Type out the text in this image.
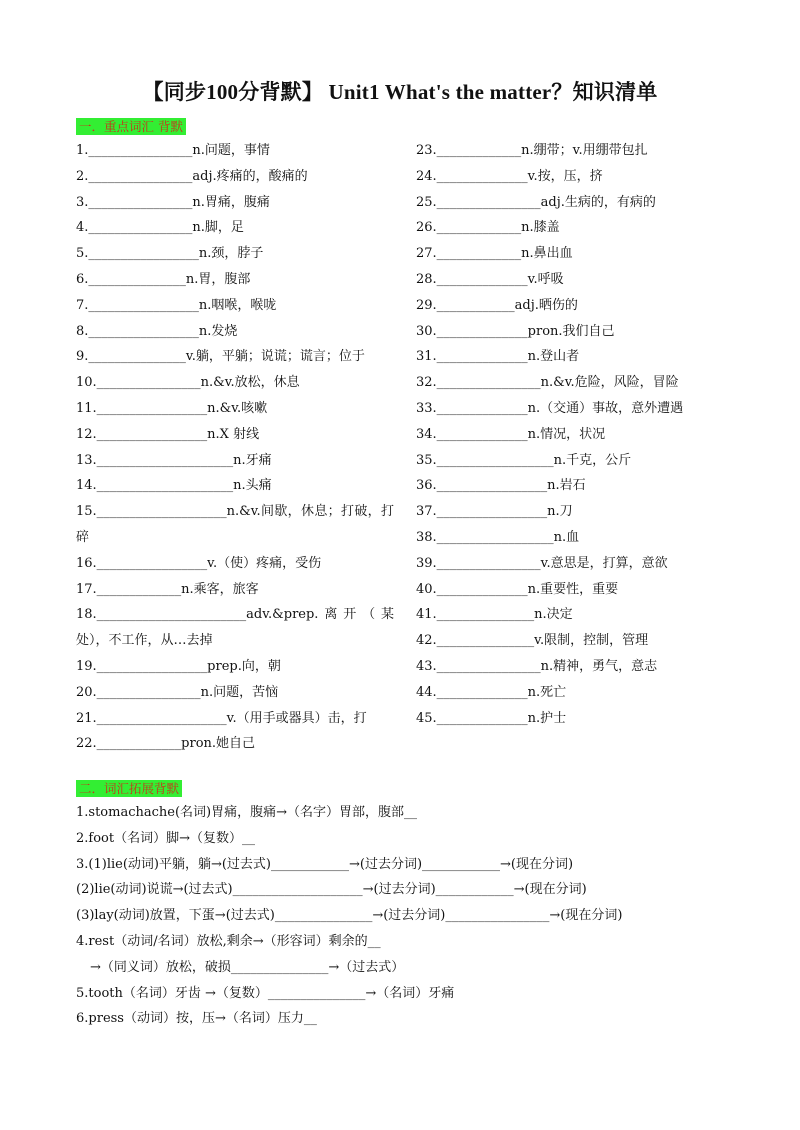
【同步100分背默】 Unit1 What's the matter？知识清单
一．重点词汇 背默
1.________________n.问题，事情
2.________________adj.疼痛的，酸痛的
3.________________n.胃痛，腹痛
4.________________n.脚，足
5._________________n.颈，脖子
6._______________n.胃，腹部
7._________________n.咽喉，喉咙
8._________________n.发烧
9._______________v.躺，平躺；说谎；谎言；位于
10.________________n.&v.放松，休息
11._________________n.&v.咳嗽
12._________________n.X 射线
13._____________________n.牙痛
14._____________________n.头痛
15.____________________n.&v.间歇，休息；打破，打碎
16._________________v.（使）疼痛，受伤
17._____________n.乘客，旅客
18._______________________adv.&prep.离开（某处），不工作，从…去掉
19._________________prep.向，朝
20.________________n.问题，苦恼
21.____________________v.（用手或器具）击，打
22._____________pron.她自己
23._____________n.绷带；v.用绷带包扎
24.______________v.按，压，挤
25.________________adj.生病的，有病的
26._____________n.膝盖
27._____________n.鼻出血
28.______________v.呼吸
29.____________adj.晒伤的
30.______________pron.我们自己
31.______________n.登山者
32.________________n.&v.危险，风险，冒险
33.______________n.（交通）事故，意外遭遇
34.______________n.情况，状况
35.__________________n.千克，公斤
36._________________n.岩石
37._________________n.刀
38.__________________n.血
39.________________v.意思是，打算，意欲
40.______________n.重要性，重要
41._______________n.决定
42._______________v.限制，控制，管理
43.________________n.精神，勇气，意志
44.______________n.死亡
45.______________n.护士
二．词汇拓展背默
1.stomachache(名词)胃痛，腹痛→（名字）胃部，腹部__
2.foot（名词）脚→（复数）__
3.(1)lie(动词)平躺，躺→(过去式)____________→(过去分词)____________→(现在分词)
(2)lie(动词)说谎→(过去式)____________________→(过去分词)____________→(现在分词)
(3)lay(动词)放置，下蛋→(过去式)_______________→(过去分词)________________→(现在分词)
4.rest（动词/名词）放松,剩余→（形容词）剩余的__
→（同义词）放松，破损_______________→（过去式）
5.tooth（名词）牙齿 →（复数）_______________→（名词）牙痛
6.press（动词）按，压→（名词）压力__
